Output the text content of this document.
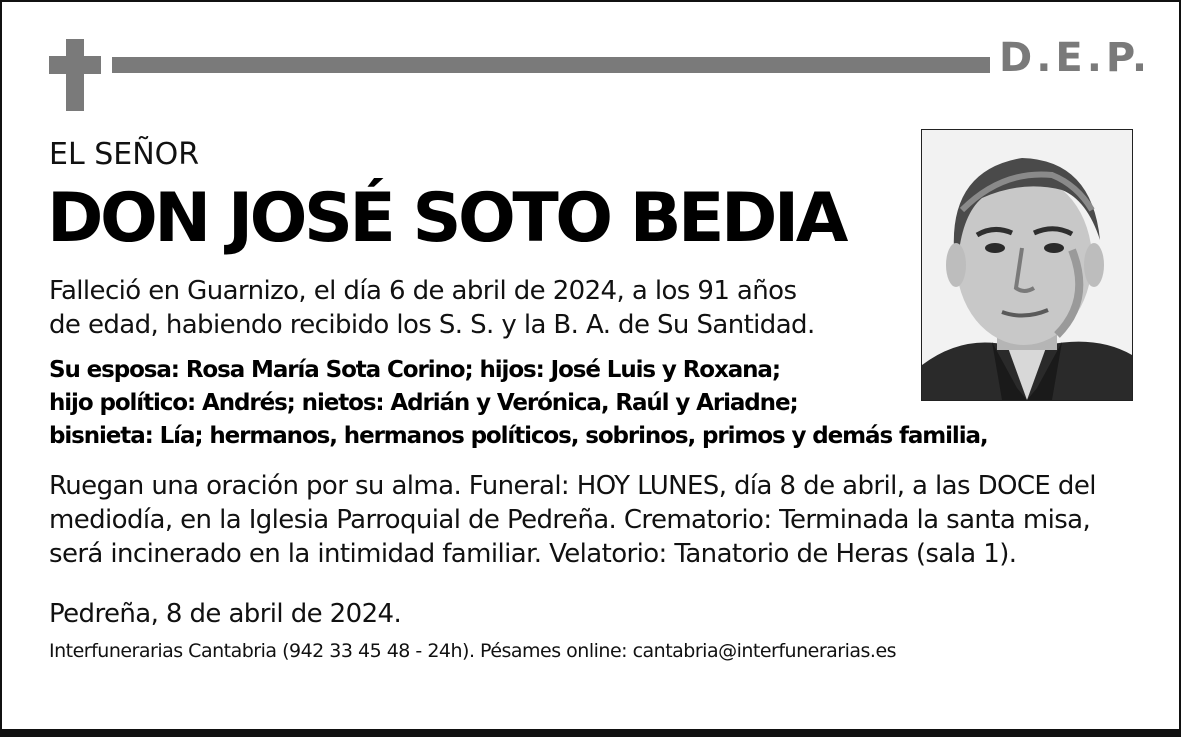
D.E.P.
EL SEÑOR
DON JOSÉ SOTO BEDIA
Falleció en Guarnizo, el día 6 de abril de 2024, a los 91 años
de edad, habiendo recibido los S. S. y la B. A. de Su Santidad.
Su esposa: Rosa María Sota Corino; hijos: José Luis y Roxana;
hijo político: Andrés; nietos: Adrián y Verónica, Raúl y Ariadne;
bisnieta: Lía; hermanos, hermanos políticos, sobrinos, primos y demás familia,
Ruegan una oración por su alma. Funeral: HOY LUNES, día 8 de abril, a las DOCE del
mediodía, en la Iglesia Parroquial de Pedreña. Crematorio: Terminada la santa misa,
será incinerado en la intimidad familiar. Velatorio: Tanatorio de Heras (sala 1).
Pedreña, 8 de abril de 2024.
Interfunerarias Cantabria (942 33 45 48 - 24h). Pésames online: cantabria@interfunerarias.es
